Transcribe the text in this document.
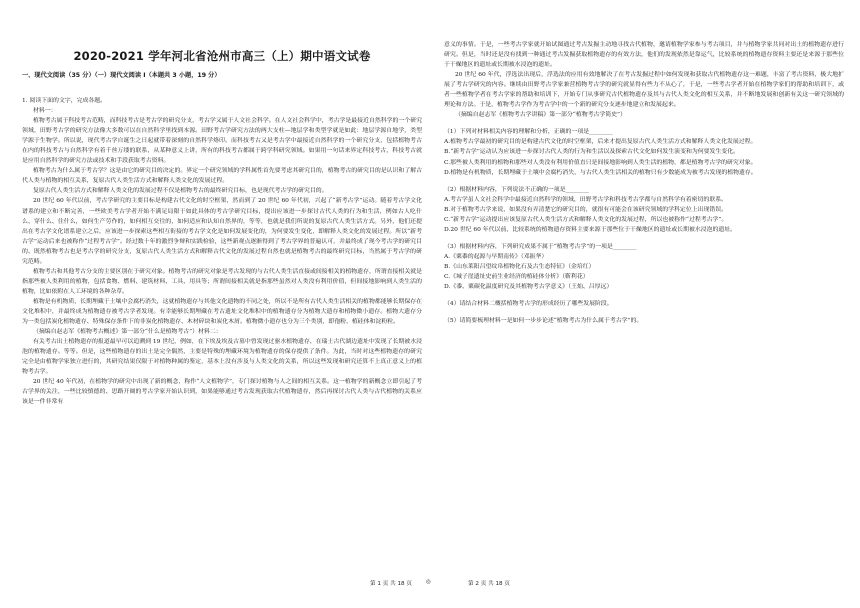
2020-2021 学年河北省沧州市高三（上）期中语文试卷
一、现代文阅读（35 分）（一）现代文阅读 I（本题共 3 小题，19 分）

1. 阅读下面的文字，完成各题。

材料一：

植物考古属于科技考古范畴，而科技考古是考古学的研究分支，考古学又属于人文社会科学。在人文社会科学中，考古学是最接近自然科学的一个研究领域，田野考古学的研究方法像大多数可以在自然科学里找到本源。田野考古学研究方法的两大支柱—地层学和类型学就是如此：地层学源自地学，类型学源于生物学。所以说，现代考古学自诞生之日起就带着深刻的自然科学烙印。而科技考古又是考古学中最接近自然科学的一个研究分支，包括植物考古在内的科技考古与自然科学有着千丝万缕的联系，从某种意义上讲，所有的科技考古都属于跨学科研究领域。如果用一句话来界定科技考古，科技考古就是应用自然科学的研究方法或技术和手段获取考古资料。

植物考古为什么属于考古学？这是由它的研究目的决定的。界定一个研究领域的学科属性首先要考虑其研究目的，植物考古的研究目的是认识和了解古代人类与植物的相互关系，复原古代人类生活方式和解释人类文化的发展过程。

复原古代人类生活方式和解释人类文化的发展过程不仅是植物考古的最终研究目标，也是现代考古学的研究目的。

20 世纪 60 年代以前，考古学研究的主要目标是构建古代文化的时空框架，然而到了 20 世纪 60 年代初，兴起了“新考古学”运动。随着考古学文化谱系的建立和不断完善，一些欧美考古学者开始不满足局限于如此具体的考古学研究目标，提出应该进一步探讨古代人类的行为和生活，例如古人吃什么、穿什么、住什么，如何生产劳作的，如何相互交往的，如何适应和认知自然界的，等等，也就是我们所说的复原古代人类生活方式。另外，他们还提出在考古学文化谱系建立之后，应该进一步探索这些相互衔接的考古学文化是如何发展变化的，为何要发生变化，即解释人类文化的发展过程。所以“新考古学”运动后来也被称作“过程考古学”。经过数十年的激烈争辩和实践检验，这些新观点逐渐得到了考古学界的普遍认可，并最终成了现今考古学的研究目的。既然植物考古也是考古学的研究分支，复原古代人类生活方式和解释古代文化的发展过程自然也就是植物考古的最终研究目标，当然属于考古学的研究范畴。

植物考古和其他考古分支的主要区别在于研究对象。植物考古的研究对象是考古发现的与古代人类生活直接或间接相关的植物遗存，所谓直接相关就是指那些被人类利用的植物，包括食物、燃料、建筑材料、工具、用具等；所谓间接相关就是指那些虽然对人类没有利用价值，但间接地影响到人类生活的植物，比如依附在人工环境的各种杂草。

植物是有机物质，长期埋藏于土壤中会腐朽消失，这就植物遗存与其他文化遗物的不同之处，所以不是所有古代人类生活相关的植物都能够长期保存在文化堆积中，并最终成为植物遗存被考古学者发现。有幸能够长期埋藏在考古遗址文化堆积中的植物遗存分为植物大遗存和植物微小遗存。植物大遗存分为一类包括炭化植物遗存、特殊保存条件下的非炭化植物遗存、木材碎块和炭化木屑。植物微小遗存也分为三个类别，即孢粉、植硅体和淀粉粒。

（摘编自赵志军《植物考古概述》第一部分“什么是植物考古”）材料二：

有关考古出土植物遗存的报道最早可以追溯到 19 世纪，例如，在下埃及埃及古墓中曾发现过驱水植物遗存，在瑞士古代湖边遗址中发现了长期被水浸泡的植物遗存。等等。但是，这些植物遗存的出土是完全偶然，主要是特殊的埋藏环境为植物遗存的保存提供了条件。为此，当时对这些植物遗存的研究完全是由植物学家独立进行的，其研究结果仅限于对植物种属的鉴定，基本上没有涉及与人类文化的关系，所以这些发现和研究还算不上真正意义上的植物考古学。

20 世纪 40 年代初，在植物学的研究中出现了新的概念，称作“人文植物学”，专门探讨植物与人之间的相互关系。这一植物学的新概念立即引起了考古学界的关注，一些比较慎德的、思路开阔的考古学家开始认识到，如果能够通过考古发现获取古代植物遗存，然后再探讨古代人类与古代植物的关系应该是一件非常有

意义的事情。于是，一些考古学家就开始试图通过考古发掘主动地寻找古代植物，邀请植物学家参与考古项目，并与植物学家共同对出土的植物遗存进行研究。但是，当时还是没有找到一种通过考古发掘获取植物遗存的有效方法，他们的发现依然是靠运气，比较系统的植物遗存资料主要还是来源于那些位于干燥地区的遗址或长期被水浸泡的遗址。

20 世纪 60 年代，浮选法出现后，浮选法的应用有效地解决了在考古发掘过程中如何发现和获取古代植物遗存这一难题，丰富了考古资料，极大地扩展了考古学研究的内容。继续由田野考古学家兼营植物考古学的研究就显得有些力不从心了，于是，一些考古学者开始在植物学家们的帮助和培训下，或者一些植物学者在考古学家的帮助和培训下，开始专门从事研究古代植物遗存及其与古代人类文化的相互关系，并不断地发展和创新有关这一研究领域的理论和方法。于是，植物考古学作为考古学中的一个新的研究分支逐步地建立和发展起来。

（摘编自赵志军《植物考古学讲稿》第一部分“植物考古学简史”）

（1）下列对材料相关内容的理解和分析，正确的一项是________

A.植物考古学最初的研究目的是构建古代文化的时空框架，后来才提出复原古代人类生活方式和解释人类文化发展过程。

B.“新考古学”运动认为应该进一步探讨古代人类的行为和生活以及探索古代文化如何发生演变和为何要发生变化。

C.那些被人类利用的植物和那些对人类没有利用价值直只是间接地影响到人类生活的植物，都是植物考古学的研究对象。

D.植物是有机物质，长期埋藏于土壤中会腐朽消失，与古代人类生活相关的植物只有少数能成为被考古发现的植物遗存。

（2）根据材料内容，下列说法不正确的一项是________

A.考古学虽人文社会科学中最接近自然科学的领域，田野考古学和科技考古学都与自然科学有着密切的联系。

B.对于植物考古学来说，如果没有弄清楚它的研究目的，就很有可能会在该研究领域的学科定位上出现错误。

C.“新考古学”运动提出应该复原古代人类生活方式和解释人类文化的发展过程，所以也被称作“过程考古学”。

D.20 世纪 60 年代以前，比较系统的植物遗存资料主要来源于那些位于干燥地区的遗址或长期被水浸泡的遗址。

（3）根据材料内容，下列研究成果不属于“植物考古学”的一项是________

A.《粟黍的起源与早期南传》（邓振华）

B.《山东莱阳吕望纹帛植物化石及古生态特征》（金培红）

C.《城子崖遗址史前生业经济的植硅体分析》（靳利花）

D.《黍、粟碳化温度研究及其植物考古学意义》（王灿、吕厚远）

（4）请结合材料二概括植物考古学的形成经历了哪些发展阶段。

（5）请简要梳理材料一是如何一步步论述“植物考古为什么属于考古学”的。

第 1 页 共 18 页	◎	第 2 页 共 18 页
